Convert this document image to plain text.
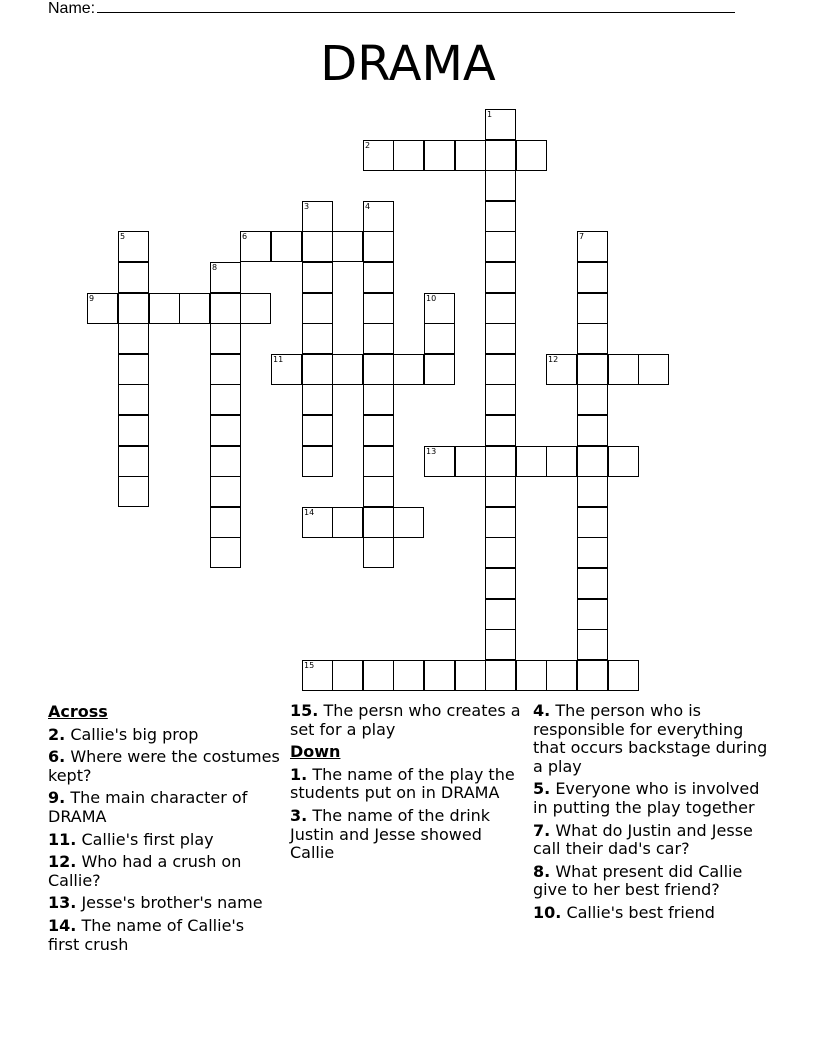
Name:
DRAMA
1
2
3	4
5	6	7
8
9	10
11	12
13
14
15
Across
2. Callie's big prop
6. Where were the costumes kept?
9. The main character of DRAMA
11. Callie's first play
12. Who had a crush on Callie?
13. Jesse's brother's name
14. The name of Callie's first crush
15. The persn who creates a set for a play
Down
1. The name of the play the students put on in DRAMA
3. The name of the drink Justin and Jesse showed Callie
4. The person who is responsible for everything that occurs backstage during a play
5. Everyone who is involved in putting the play together
7. What do Justin and Jesse call their dad's car?
8. What present did Callie give to her best friend?
10. Callie's best friend
